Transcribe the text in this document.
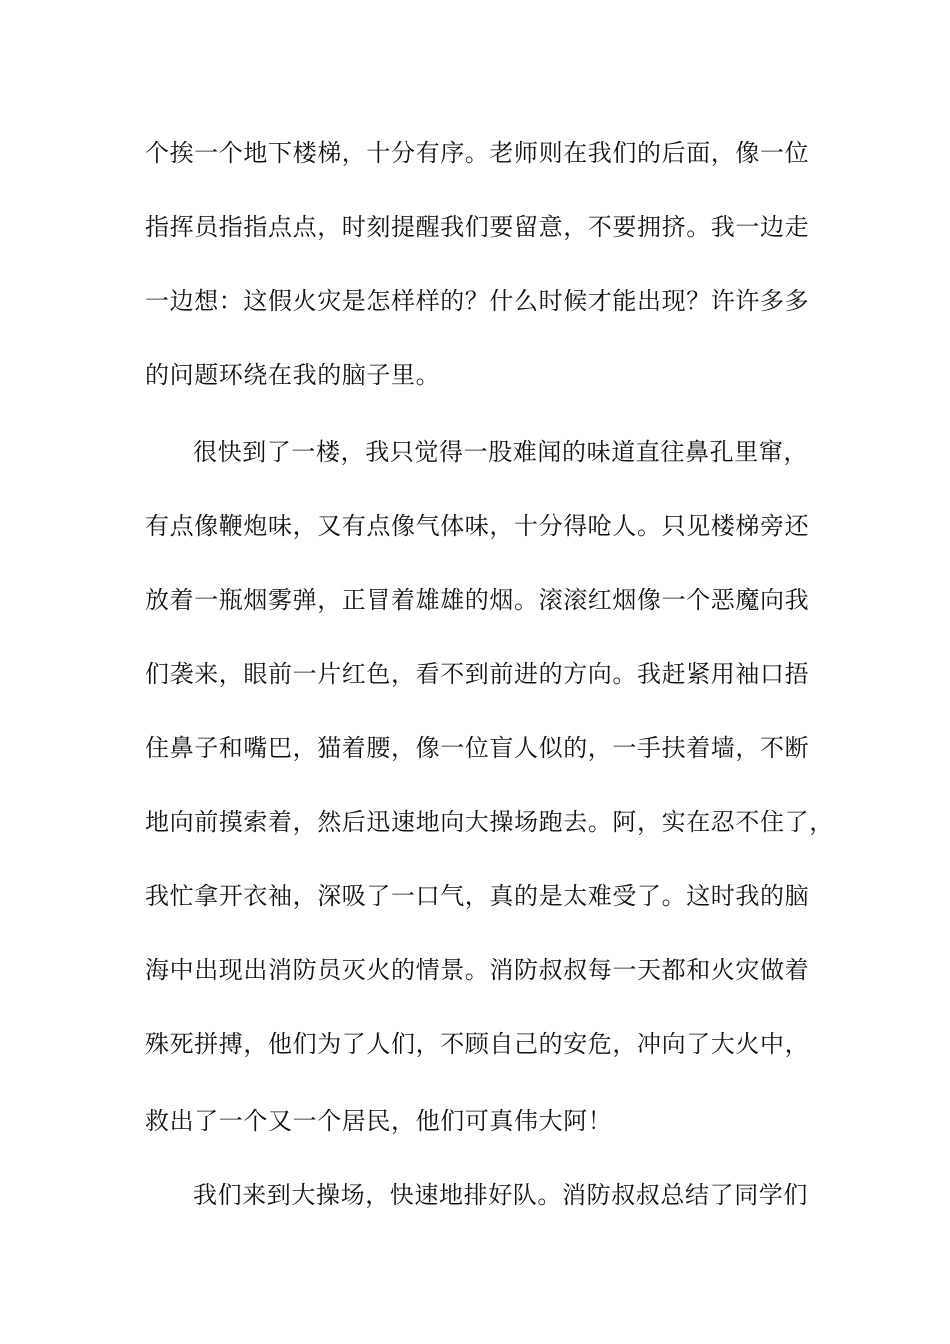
个挨一个地下楼梯，十分有序。老师则在我们的后面，像一位
指挥员指指点点，时刻提醒我们要留意，不要拥挤。我一边走
一边想：这假火灾是怎样样的？什么时候才能出现？许许多多
的问题环绕在我的脑子里。
很快到了一楼，我只觉得一股难闻的味道直往鼻孔里窜，
有点像鞭炮味，又有点像气体味，十分得呛人。只见楼梯旁还
放着一瓶烟雾弹，正冒着雄雄的烟。滚滚红烟像一个恶魔向我
们袭来，眼前一片红色，看不到前进的方向。我赶紧用袖口捂
住鼻子和嘴巴，猫着腰，像一位盲人似的，一手扶着墙，不断
地向前摸索着，然后迅速地向大操场跑去。阿，实在忍不住了，
我忙拿开衣袖，深吸了一口气，真的是太难受了。这时我的脑
海中出现出消防员灭火的情景。消防叔叔每一天都和火灾做着
殊死拼搏，他们为了人们，不顾自己的安危，冲向了大火中，
救出了一个又一个居民，他们可真伟大阿！
我们来到大操场，快速地排好队。消防叔叔总结了同学们
